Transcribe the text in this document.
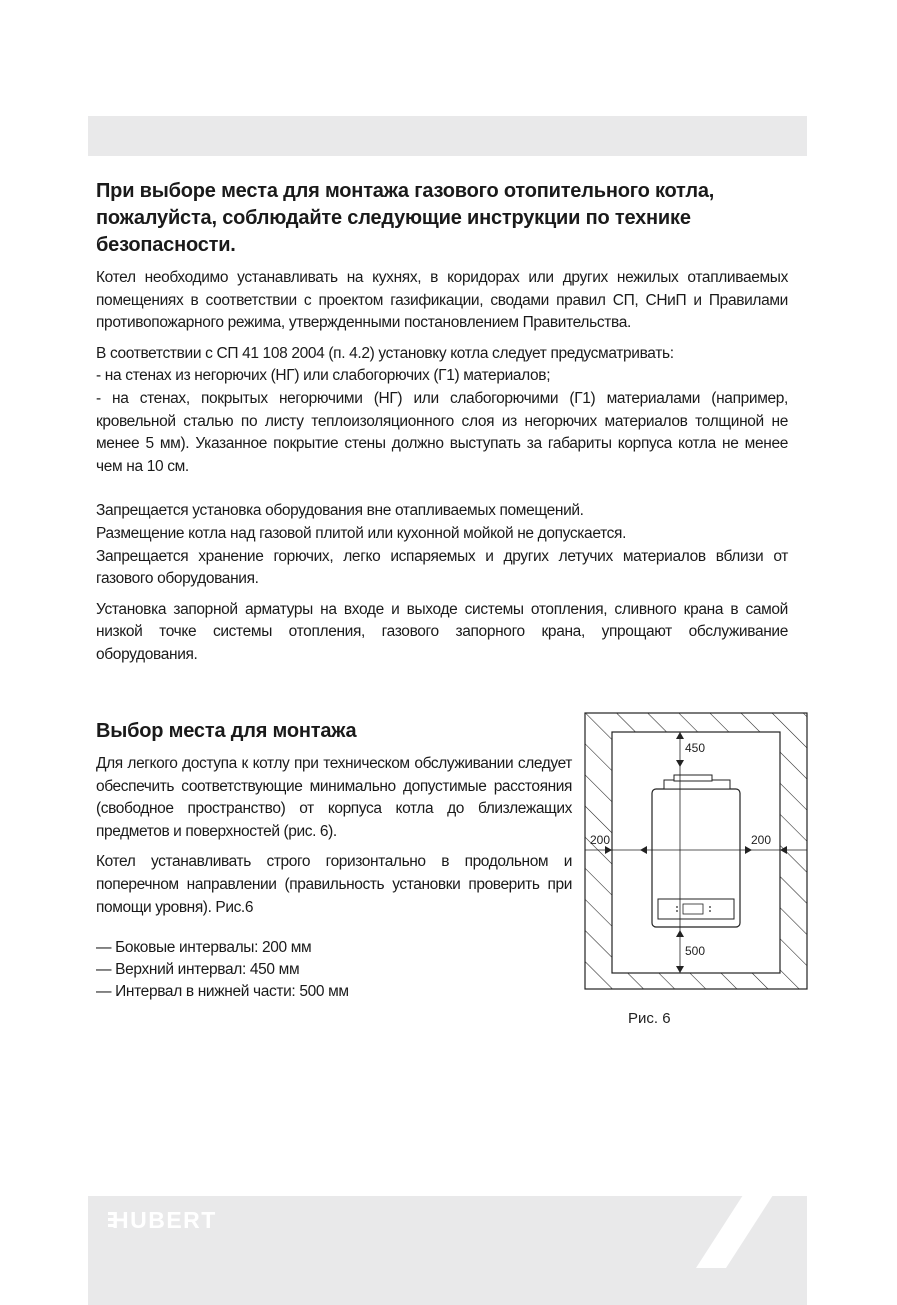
При выборе места для монтажа газового отопительного котла, пожалуйста, соблюдайте следующие инструкции по технике безопасности.

Котел необходимо устанавливать на кухнях, в коридорах или других нежилых отапливаемых помещениях в соответствии с проектом газификации, сводами правил СП, СНиП и Правилами противопожарного режима, утвержденными постановлением Правительства.

В соответствии с СП 41 108 2004 (п. 4.2) установку котла следует предусматривать:
- на стенах из негорючих (НГ) или слабогорючих (Г1) материалов;
- на стенах, покрытых негорючими (НГ) или слабогорючими (Г1) материалами (например, кровельной сталью по листу теплоизоляционного слоя из негорючих материалов толщиной не менее 5 мм). Указанное покрытие стены должно выступать за габариты корпуса котла не менее чем на 10 см.

Запрещается установка оборудования вне отапливаемых помещений.
Размещение котла над газовой плитой или кухонной мойкой не допускается.
Запрещается хранение горючих, легко испаряемых и других летучих материалов вблизи от газового оборудования.

Установка запорной арматуры на входе и выходе системы отопления, сливного крана в самой низкой точке системы отопления, газового запорного крана, упрощают обслуживание оборудования.

Выбор места для монтажа

Для легкого доступа к котлу при техническом обслуживании следует обеспечить соответствующие минимально допустимые расстояния (свободное пространство) от корпуса котла до близлежащих предметов и поверхностей (рис. 6).

Котел устанавливать строго горизонтально в продольном и поперечном направлении (правильность установки проверить при помощи уровня). Рис.6

— Боковые интервалы: 200 мм
— Верхний интервал: 450 мм
— Интервал в нижней части: 500 мм
450
200	200
500
Рис. 6
HUBERT
